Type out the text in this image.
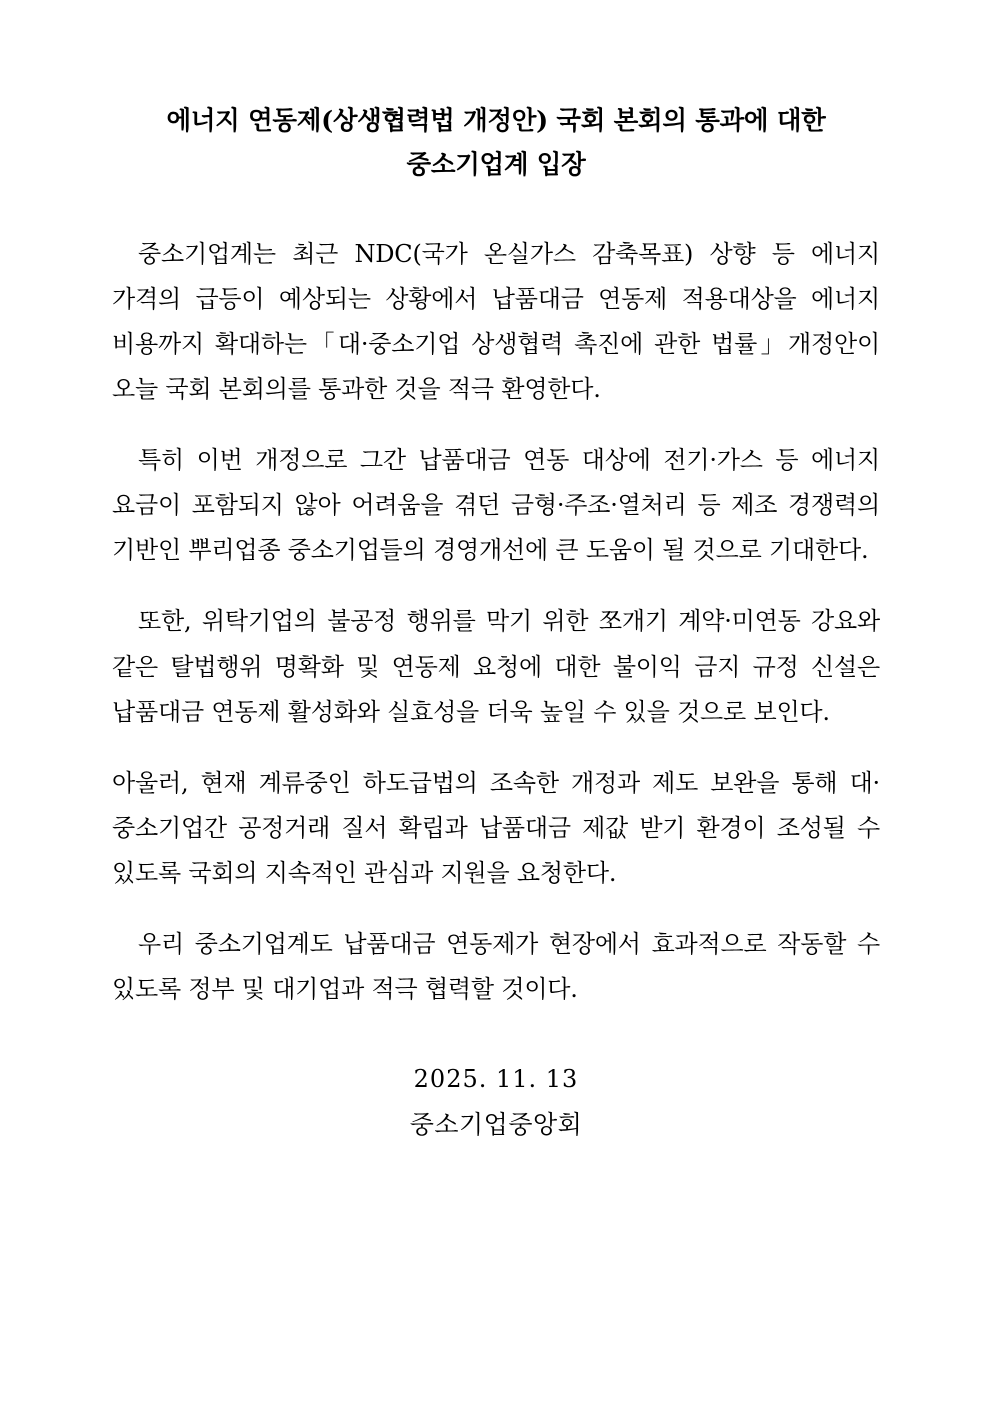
에너지 연동제(상생협력법 개정안) 국회 본회의 통과에 대한
중소기업계 입장

중소기업계는 최근 NDC(국가 온실가스 감축목표) 상향 등 에너지 가격의 급등이 예상되는 상황에서 납품대금 연동제 적용대상을 에너지 비용까지 확대하는「대·중소기업 상생협력 촉진에 관한 법률」개정안이 오늘 국회 본회의를 통과한 것을 적극 환영한다.

특히 이번 개정으로 그간 납품대금 연동 대상에 전기·가스 등 에너지 요금이 포함되지 않아 어려움을 겪던 금형·주조·열처리 등 제조 경쟁력의 기반인 뿌리업종 중소기업들의 경영개선에 큰 도움이 될 것으로 기대한다.

또한, 위탁기업의 불공정 행위를 막기 위한 쪼개기 계약·미연동 강요와 같은 탈법행위 명확화 및 연동제 요청에 대한 불이익 금지 규정 신설은 납품대금 연동제 활성화와 실효성을 더욱 높일 수 있을 것으로 보인다.

아울러, 현재 계류중인 하도급법의 조속한 개정과 제도 보완을 통해 대·중소기업간 공정거래 질서 확립과 납품대금 제값 받기 환경이 조성될 수 있도록 국회의 지속적인 관심과 지원을 요청한다.

우리 중소기업계도 납품대금 연동제가 현장에서 효과적으로 작동할 수 있도록 정부 및 대기업과 적극 협력할 것이다.

2025. 11. 13
중소기업중앙회
